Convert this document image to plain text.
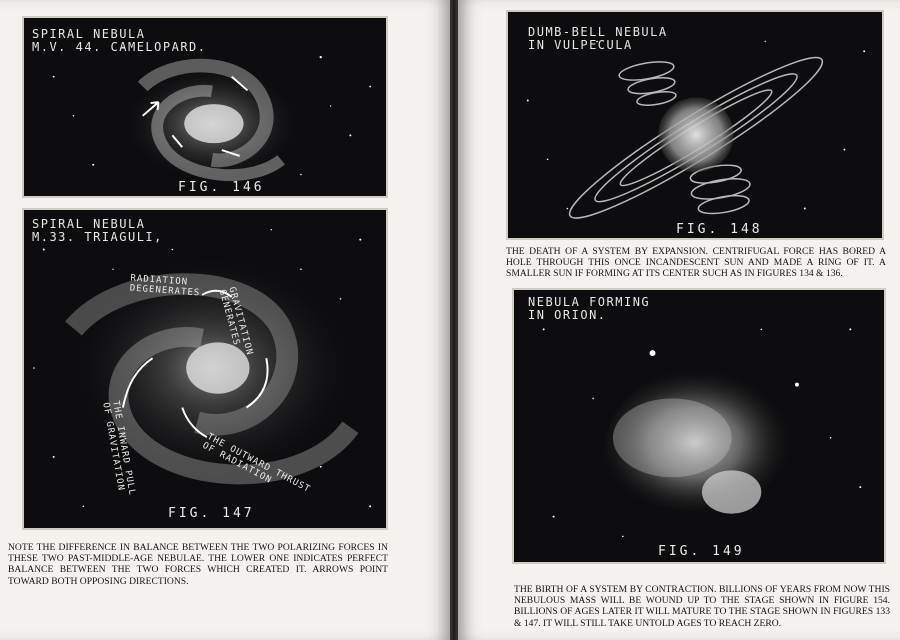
SPIRAL NEBULA
M.V. 44. CAMELOPARD.
FIG. 146
SPIRAL NEBULA
M.33. TRIAGULI,
RADIATION
DEGENERATES	GRAVITATION
GENERATES
THE INWARD PULL
OF GRAVITATION	THE OUTWARD THRUST
OF RADIATION
FIG. 147
NOTE THE DIFFERENCE IN BALANCE BETWEEN THE TWO POLARIZING FORCES IN THESE TWO PAST-MIDDLE-AGE NEBULAE. THE LOWER ONE INDICATES PERFECT BALANCE BETWEEN THE TWO FORCES WHICH CREATED IT. ARROWS POINT TOWARD BOTH OPPOSING DIRECTIONS.
DUMB-BELL NEBULA
IN VULPECULA
FIG. 148
THE DEATH OF A SYSTEM BY EXPANSION. CENTRIFUGAL FORCE HAS BORED A HOLE THROUGH THIS ONCE INCANDESCENT SUN AND MADE A RING OF IT. A SMALLER SUN IF FORMING AT ITS CENTER SUCH AS IN FIGURES 134 & 136.
NEBULA FORMING
IN ORION.
FIG. 149
THE BIRTH OF A SYSTEM BY CONTRACTION. BILLIONS OF YEARS FROM NOW THIS NEBULOUS MASS WILL BE WOUND UP TO THE STAGE SHOWN IN FIGURE 154. BILLIONS OF AGES LATER IT WILL MATURE TO THE STAGE SHOWN IN FIGURES 133 & 147. IT WILL STILL TAKE UNTOLD AGES TO REACH ZERO.
